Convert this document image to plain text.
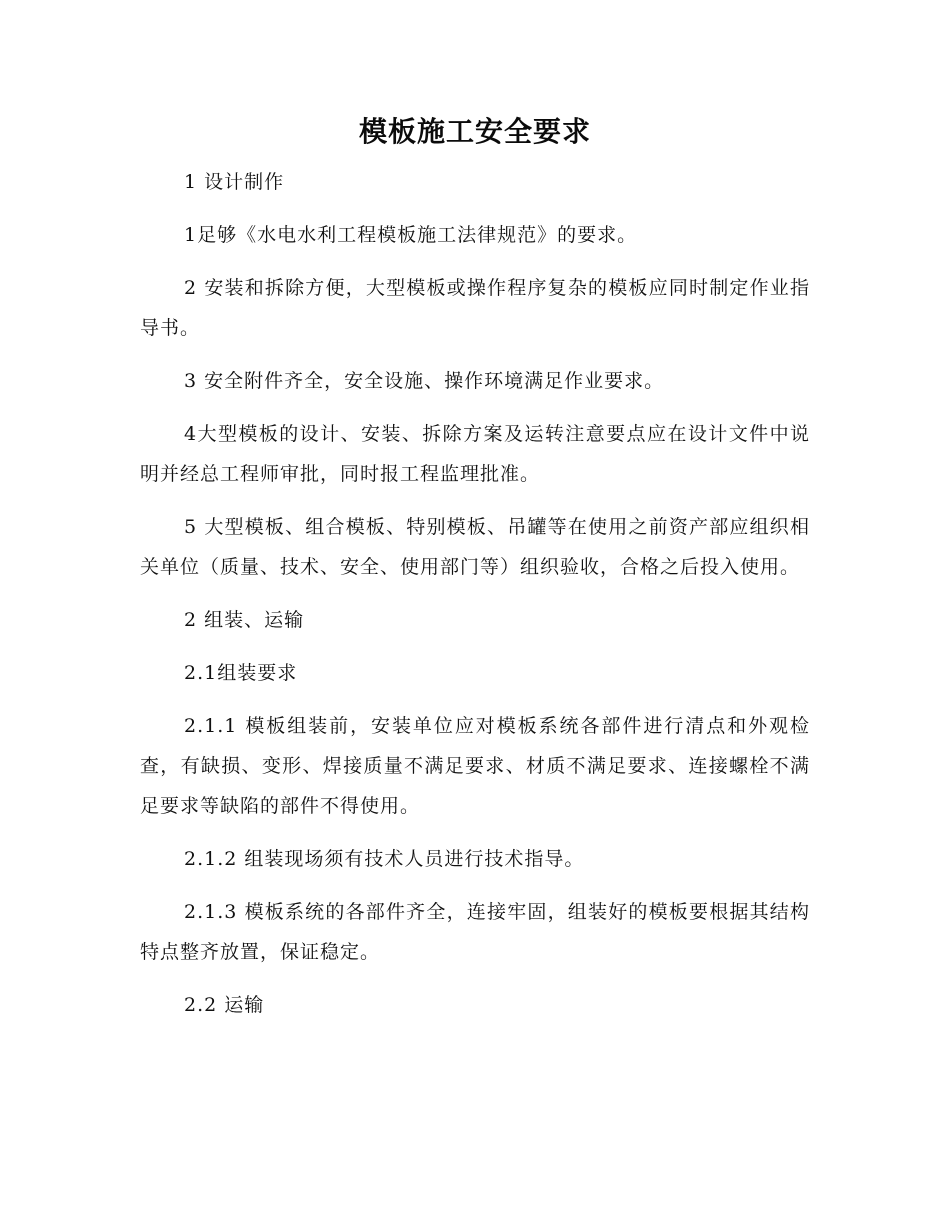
模板施工安全要求

1 设计制作

1足够《水电水利工程模板施工法律规范》的要求。

2 安装和拆除方便，大型模板或操作程序复杂的模板应同时制定作业指导书。

3 安全附件齐全，安全设施、操作环境满足作业要求。

4大型模板的设计、安装、拆除方案及运转注意要点应在设计文件中说明并经总工程师审批，同时报工程监理批准。

5 大型模板、组合模板、特别模板、吊罐等在使用之前资产部应组织相关单位（质量、技术、安全、使用部门等）组织验收，合格之后投入使用。

2 组装、运输

2.1组装要求

2.1.1 模板组装前，安装单位应对模板系统各部件进行清点和外观检查，有缺损、变形、焊接质量不满足要求、材质不满足要求、连接螺栓不满足要求等缺陷的部件不得使用。

2.1.2 组装现场须有技术人员进行技术指导。

2.1.3 模板系统的各部件齐全，连接牢固，组装好的模板要根据其结构特点整齐放置，保证稳定。

2.2 运输
